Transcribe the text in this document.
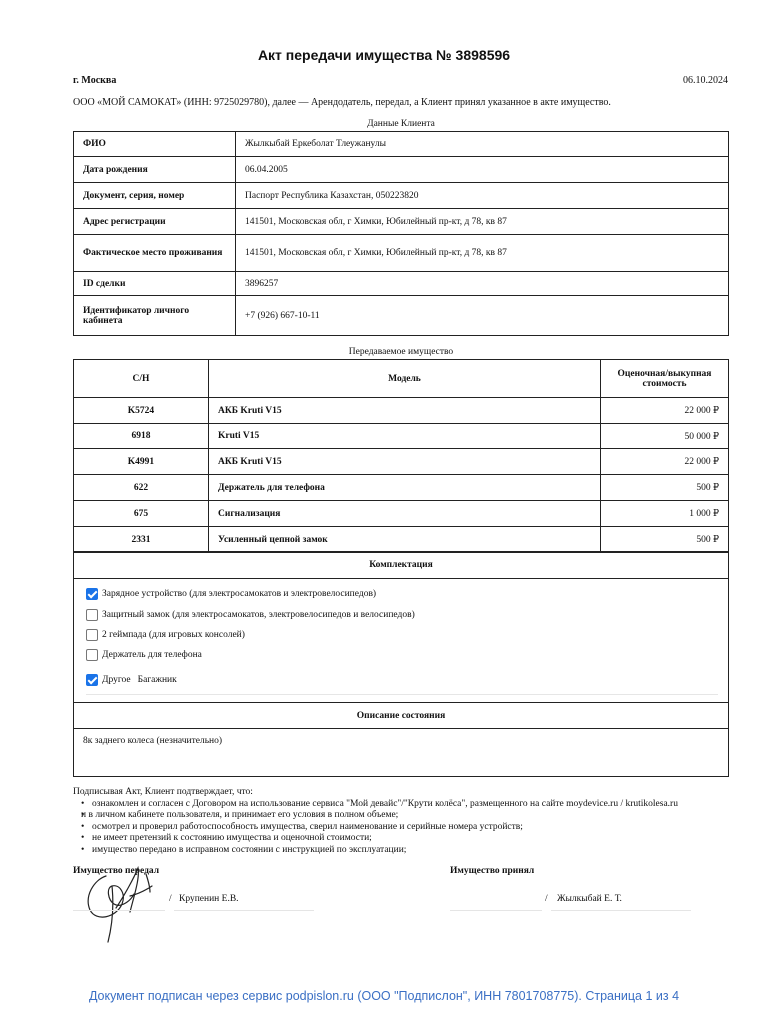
Акт передачи имущества № 3898596
г. Москва	06.10.2024
ООО «МОЙ САМОКАТ» (ИНН: 9725029780), далее — Арендодатель, передал, а Клиент принял указанное в акте имущество.
Данные Клиента
ФИО	Жылкыбай Еркеболат Тлеужанулы
Дата рождения	06.04.2005
Документ, серия, номер	Паспорт Республика Казахстан, 050223820
Адрес регистрации	141501, Московская обл, г Химки, Юбилейный пр-кт, д 78, кв 87
Фактическое место проживания	141501, Московская обл, г Химки, Юбилейный пр-кт, д 78, кв 87
ID сделки	3896257
Идентификатор личного кабинета	+7 (926) 667-10-11
Передаваемое имущество
С/Н	Модель	Оценочная/выкупная стоимость
K5724	АКБ Kruti V15	22 000 ₽
6918	Kruti V15	50 000 ₽
K4991	АКБ Kruti V15	22 000 ₽
622	Держатель для телефона	500 ₽
675	Сигнализация	1 000 ₽
2331	Усиленный цепной замок	500 ₽
Комплектация
Зарядное устройство (для электросамокатов и электровелосипедов)
Защитный замок (для электросамокатов, электровелосипедов и велосипедов)
2 геймпада (для игровых консолей)
Держатель для телефона
Другое Багажник
Описание состояния
8к заднего колеса (незначительно)
Подписывая Акт, Клиент подтверждает, что:
• ознакомлен и согласен с Договором на использование сервиса "Мой девайс"/"Крути колёса", размещенного на сайте moydevice.ru / krutikolesa.ru
• и в личном кабинете пользователя, и принимает его условия в полном объеме;
• осмотрел и проверил работоспособность имущества, сверил наименование и серийные номера устройств;
• не имеет претензий к состоянию имущества и оценочной стоимости;
• имущество передано в исправном состоянии с инструкцией по эксплуатации;
Имущество передал
/ Крупенин Е.В.
Имущество принял
/ Жылкыбай Е. Т.
Документ подписан через сервис podpislon.ru (ООО "Подпислон", ИНН 7801708775). Страница 1 из 4
